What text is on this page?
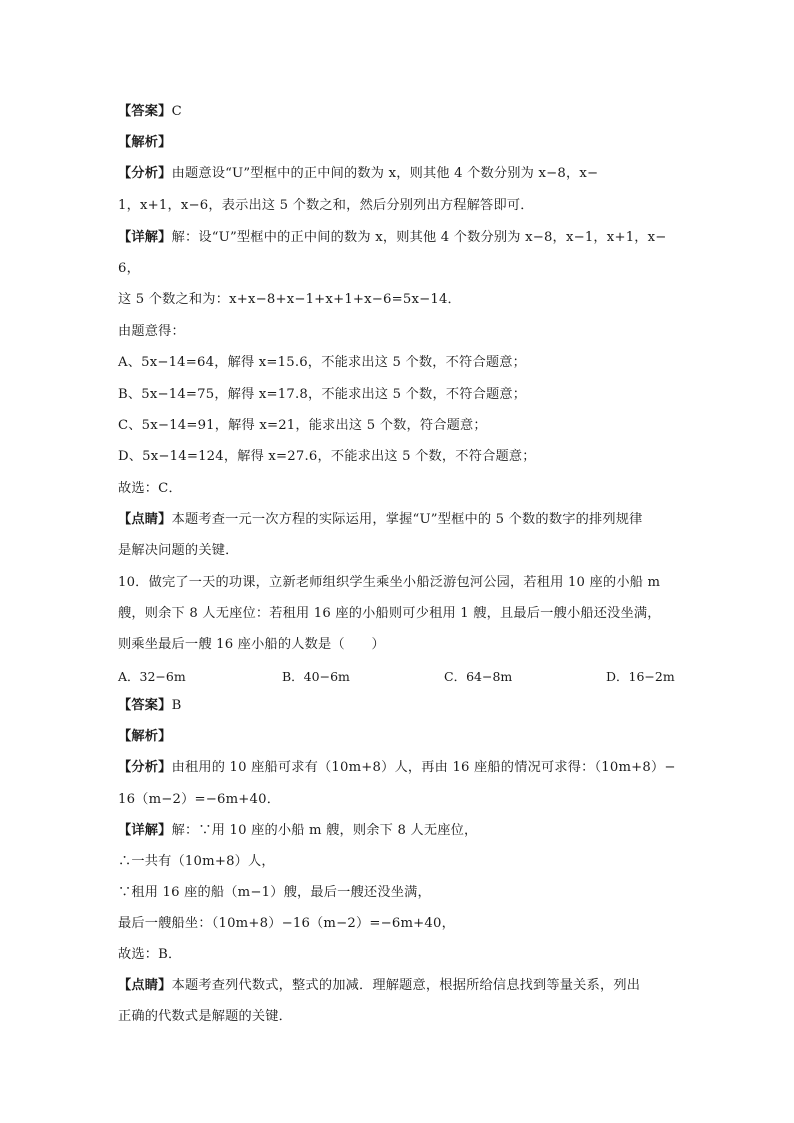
【答案】C
【解析】
【分析】由题意设“U”型框中的正中间的数为 x，则其他 4 个数分别为 x−8，x−
1，x+1，x−6，表示出这 5 个数之和，然后分别列出方程解答即可．
【详解】解：设“U”型框中的正中间的数为 x，则其他 4 个数分别为 x−8，x−1，x+1，x−
6，
这 5 个数之和为：x+x−8+x−1+x+1+x−6=5x−14．
由题意得：
A、5x−14=64，解得 x=15.6，不能求出这 5 个数，不符合题意；
B、5x−14=75，解得 x=17.8，不能求出这 5 个数，不符合题意；
C、5x−14=91，解得 x=21，能求出这 5 个数，符合题意；
D、5x−14=124，解得 x=27.6，不能求出这 5 个数，不符合题意；
故选：C．
【点睛】本题考查一元一次方程的实际运用，掌握“U”型框中的 5 个数的数字的排列规律
是解决问题的关键．
10．做完了一天的功课，立新老师组织学生乘坐小船泛游包河公园，若租用 10 座的小船 m
艘，则余下 8 人无座位：若租用 16 座的小船则可少租用 1 艘，且最后一艘小船还没坐满，
则乘坐最后一艘 16 座小船的人数是（　　）
A．32−6m	B．40−6m	C．64−8m	D．16−2m
【答案】B
【解析】
【分析】由租用的 10 座船可求有（10m+8）人，再由 16 座船的情况可求得：（10m+8）−
16（m−2）=−6m+40．
【详解】解：∵用 10 座的小船 m 艘，则余下 8 人无座位，
∴一共有（10m+8）人，
∵租用 16 座的船（m−1）艘，最后一艘还没坐满，
最后一艘船坐：（10m+8）−16（m−2）=−6m+40，
故选：B．
【点睛】本题考查列代数式，整式的加减．理解题意，根据所给信息找到等量关系，列出
正确的代数式是解题的关键．
